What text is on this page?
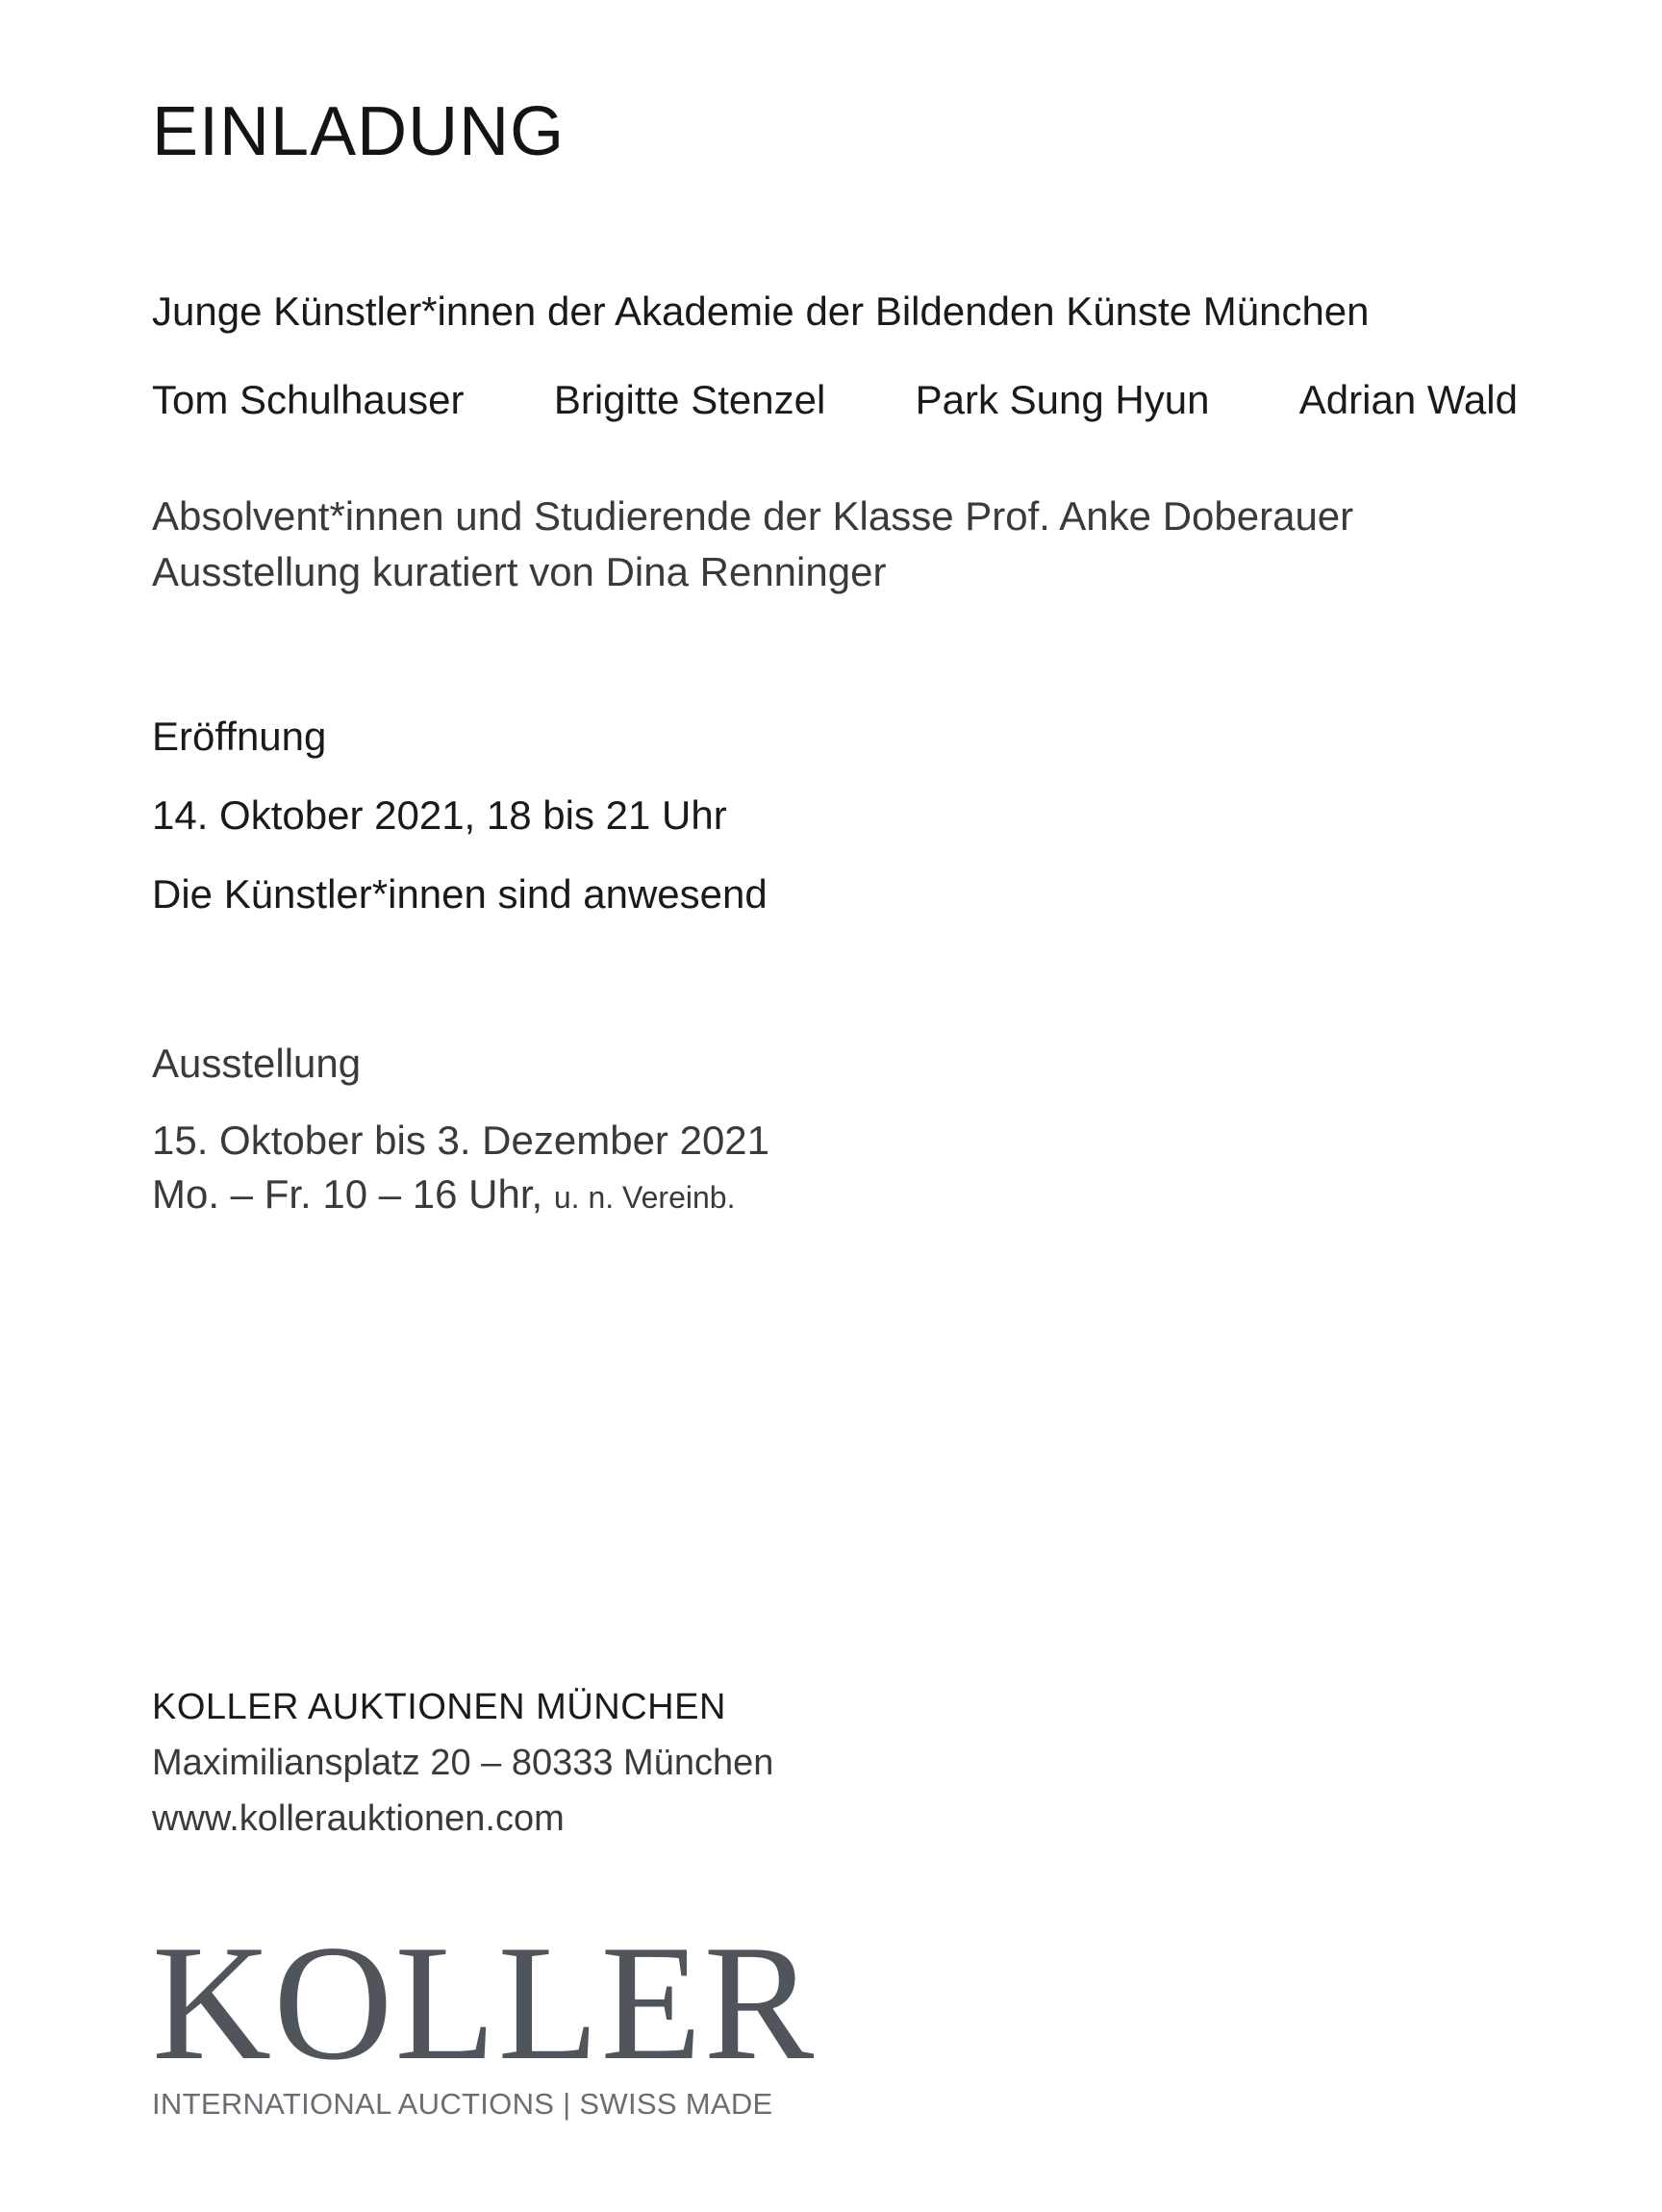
EINLADUNG
Junge Künstler*innen der Akademie der Bildenden Künste München
Tom Schulhauser Brigitte Stenzel Park Sung Hyun Adrian Wald
Absolvent*innen und Studierende der Klasse Prof. Anke Doberauer
Ausstellung kuratiert von Dina Renninger
Eröffnung
14. Oktober 2021, 18 bis 21 Uhr
Die Künstler*innen sind anwesend
Ausstellung
15. Oktober bis 3. Dezember 2021
Mo. – Fr. 10 – 16 Uhr, u. n. Vereinb.
KOLLER AUKTIONEN MÜNCHEN
Maximiliansplatz 20 – 80333 München
www.kollerauktionen.com
KOLLER
INTERNATIONAL AUCTIONS | SWISS MADE
